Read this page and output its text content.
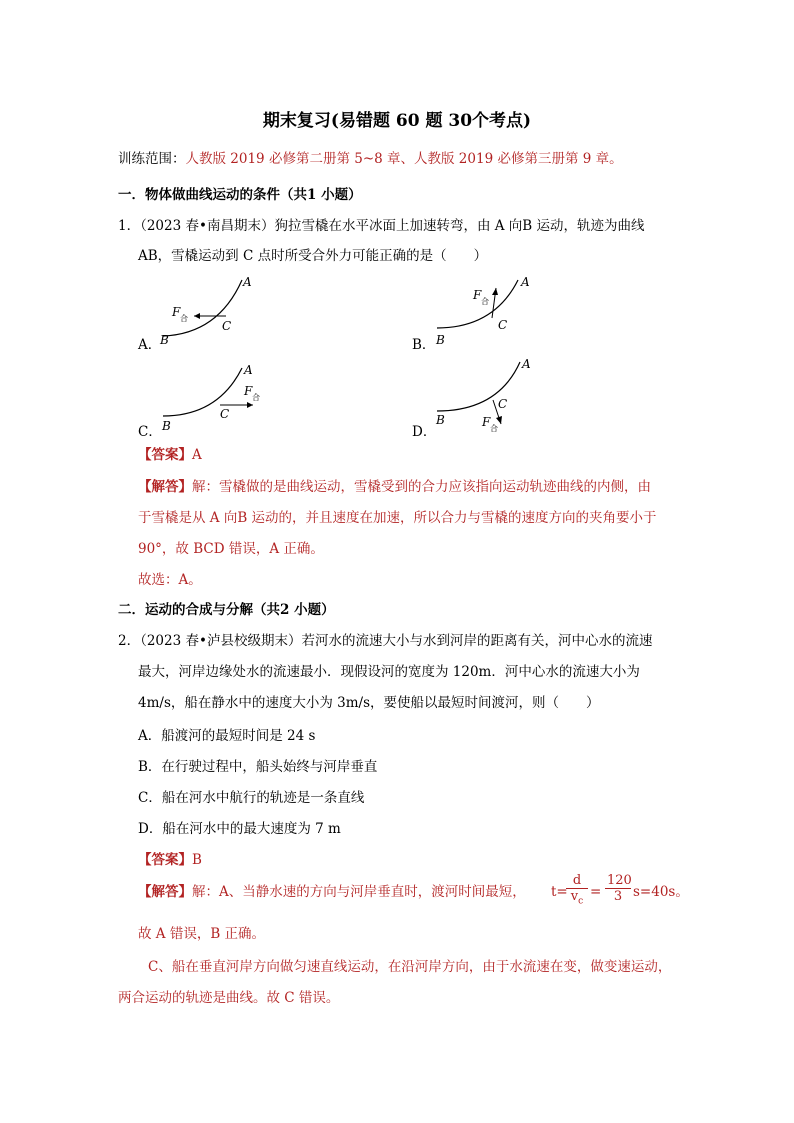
期末复习(易错题 60 题 30个考点)
训练范围：人教版 2019 必修第二册第 5~8 章、人教版 2019 必修第三册第 9 章。
一．物体做曲线运动的条件（共1 小题）
1．（2023 春•南昌期末）狗拉雪橇在水平冰面上加速转弯，由 A 向B 运动，轨迹为曲线
AB，雪橇运动到 C 点时所受合外力可能正确的是（　　）
A．
A
B
C
F 合
B．
A
B
C
F 合
C．
A
B
C
F 合
D．
A
B
C
F 合
【答案】A
【解答】解：雪橇做的是曲线运动，雪橇受到的合力应该指向运动轨迹曲线的内侧，由
于雪橇是从 A 向B 运动的，并且速度在加速，所以合力与雪橇的速度方向的夹角要小于
90°，故 BCD 错误，A 正确。
故选：A。
二．运动的合成与分解（共2 小题）
2．（2023 春•泸县校级期末）若河水的流速大小与水到河岸的距离有关，河中心水的流速
最大，河岸边缘处水的流速最小．现假设河的宽度为 120m．河中心水的流速大小为
4m/s，船在静水中的速度大小为 3m/s，要使船以最短时间渡河，则（　　）
A．船渡河的最短时间是 24 s
B．在行驶过程中，船头始终与河岸垂直
C．船在河水中航行的轨迹是一条直线
D．船在河水中的最大速度为 7 m
【答案】B
【解答】解：A、当静水速的方向与河岸垂直时，渡河时间最短， t=
$\frac{d}{v_c} = \frac{120}{3} s=40s$。
故 A 错误，B 正确。
C、船在垂直河岸方向做匀速直线运动，在沿河岸方向，由于水流速在变，做变速运动，
两合运动的轨迹是曲线。故 C 错误。
